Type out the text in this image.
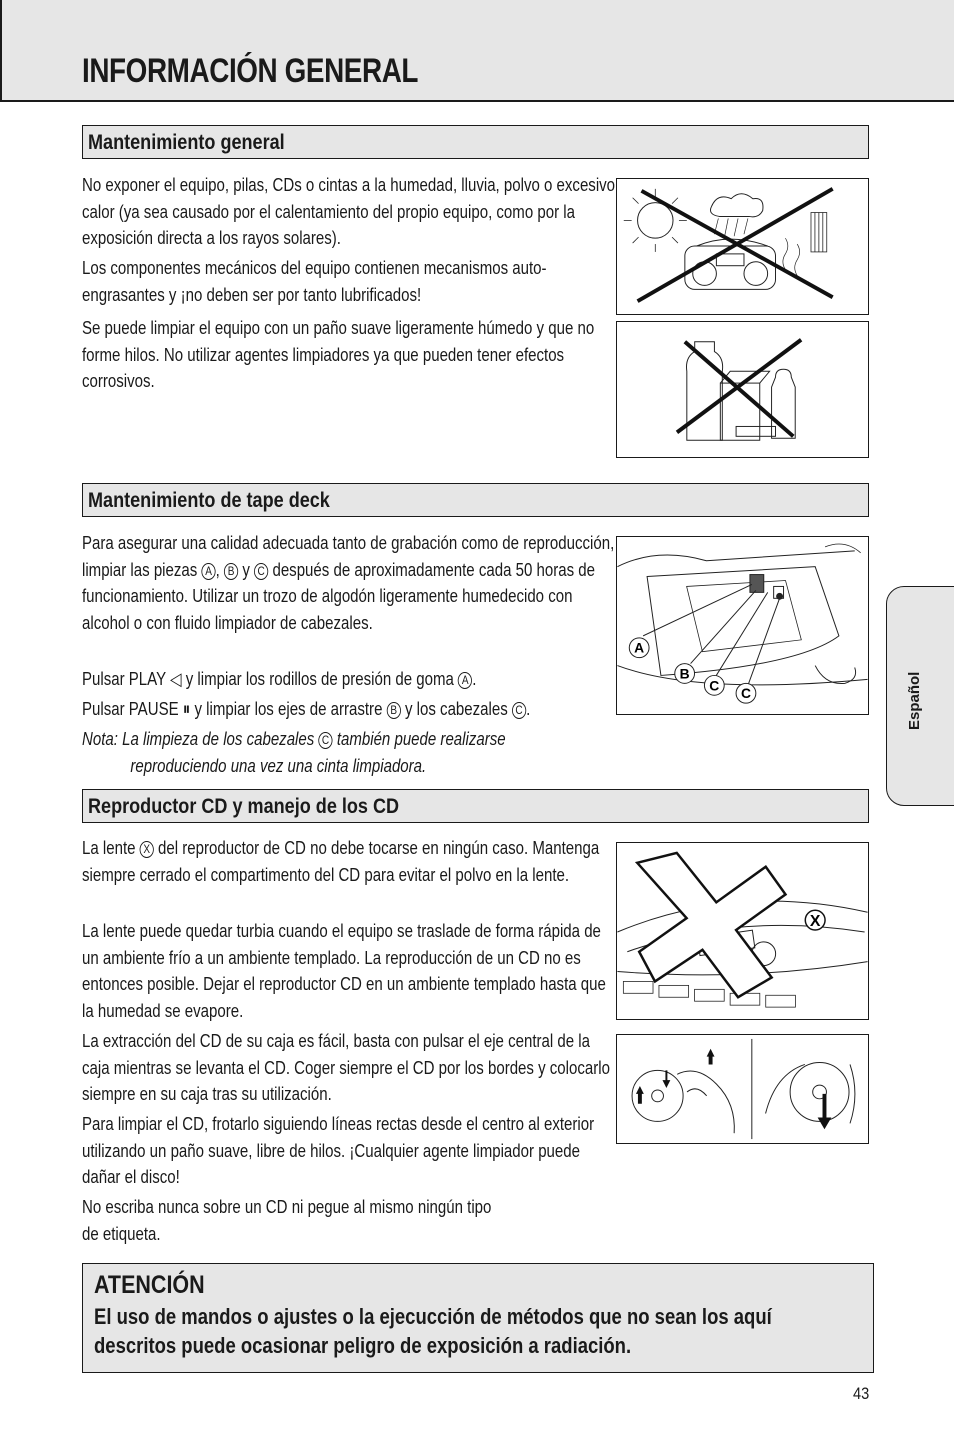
INFORMACIÓN GENERAL
Mantenimiento general

No exponer el equipo, pilas, CDs o cintas a la humedad, lluvia, polvo o excesivo calor (ya sea causado por el calentamiento del propio equipo, como por la exposición directa a los rayos solares).

Los componentes mecánicos del equipo contienen mecanismos auto-engrasantes y ¡no deben ser por tanto lubrificados!

Se puede limpiar el equipo con un paño suave ligeramente húmedo y que no forme hilos. No utilizar agentes limpiadores ya que pueden tener efectos corrosivos.

Mantenimiento de tape deck

Para asegurar una calidad adecuada tanto de grabación como de reproducción, limpiar las piezas A , B y C después de aproximadamente cada 50 horas de funcionamiento. Utilizar un trozo de algodón ligeramente humedecido con alcohol o con fluido limpiador de cabezales.

Pulsar PLAY ◁ y limpiar los rodillos de presión de goma A .

Pulsar PAUSE ⏸ y limpiar los ejes de arrastre B y los cabezales C .

Nota: La limpieza de los cabezales C también puede realizarse
reproduciendo una vez una cinta limpiadora.

A
B
C C
Reproductor CD y manejo de los CD

La lente X del reproductor de CD no debe tocarse en ningún caso. Mantenga siempre cerrado el compartimento del CD para evitar el polvo en la lente.

La lente puede quedar turbia cuando el equipo se traslade de forma rápida de un ambiente frío a un ambiente templado. La reproducción de un CD no es entonces posible. Dejar el reproductor CD en un ambiente templado hasta que la humedad se evapore.

La extracción del CD de su caja es fácil, basta con pulsar el eje central de la caja mientras se levanta el CD. Coger siempre el CD por los bordes y colocarlo siempre en su caja tras su utilización.

Para limpiar el CD, frotarlo siguiendo líneas rectas desde el centro al exterior utilizando un paño suave, libre de hilos. ¡Cualquier agente limpiador puede dañar el disco!

No escriba nunca sobre un CD ni pegue al mismo ningún tipo
de etiqueta.

X
Español
ATENCIÓN

El uso de mandos o ajustes o la ejecucción de métodos que no sean los aquí descritos puede ocasionar peligro de exposición a radiación.

43
